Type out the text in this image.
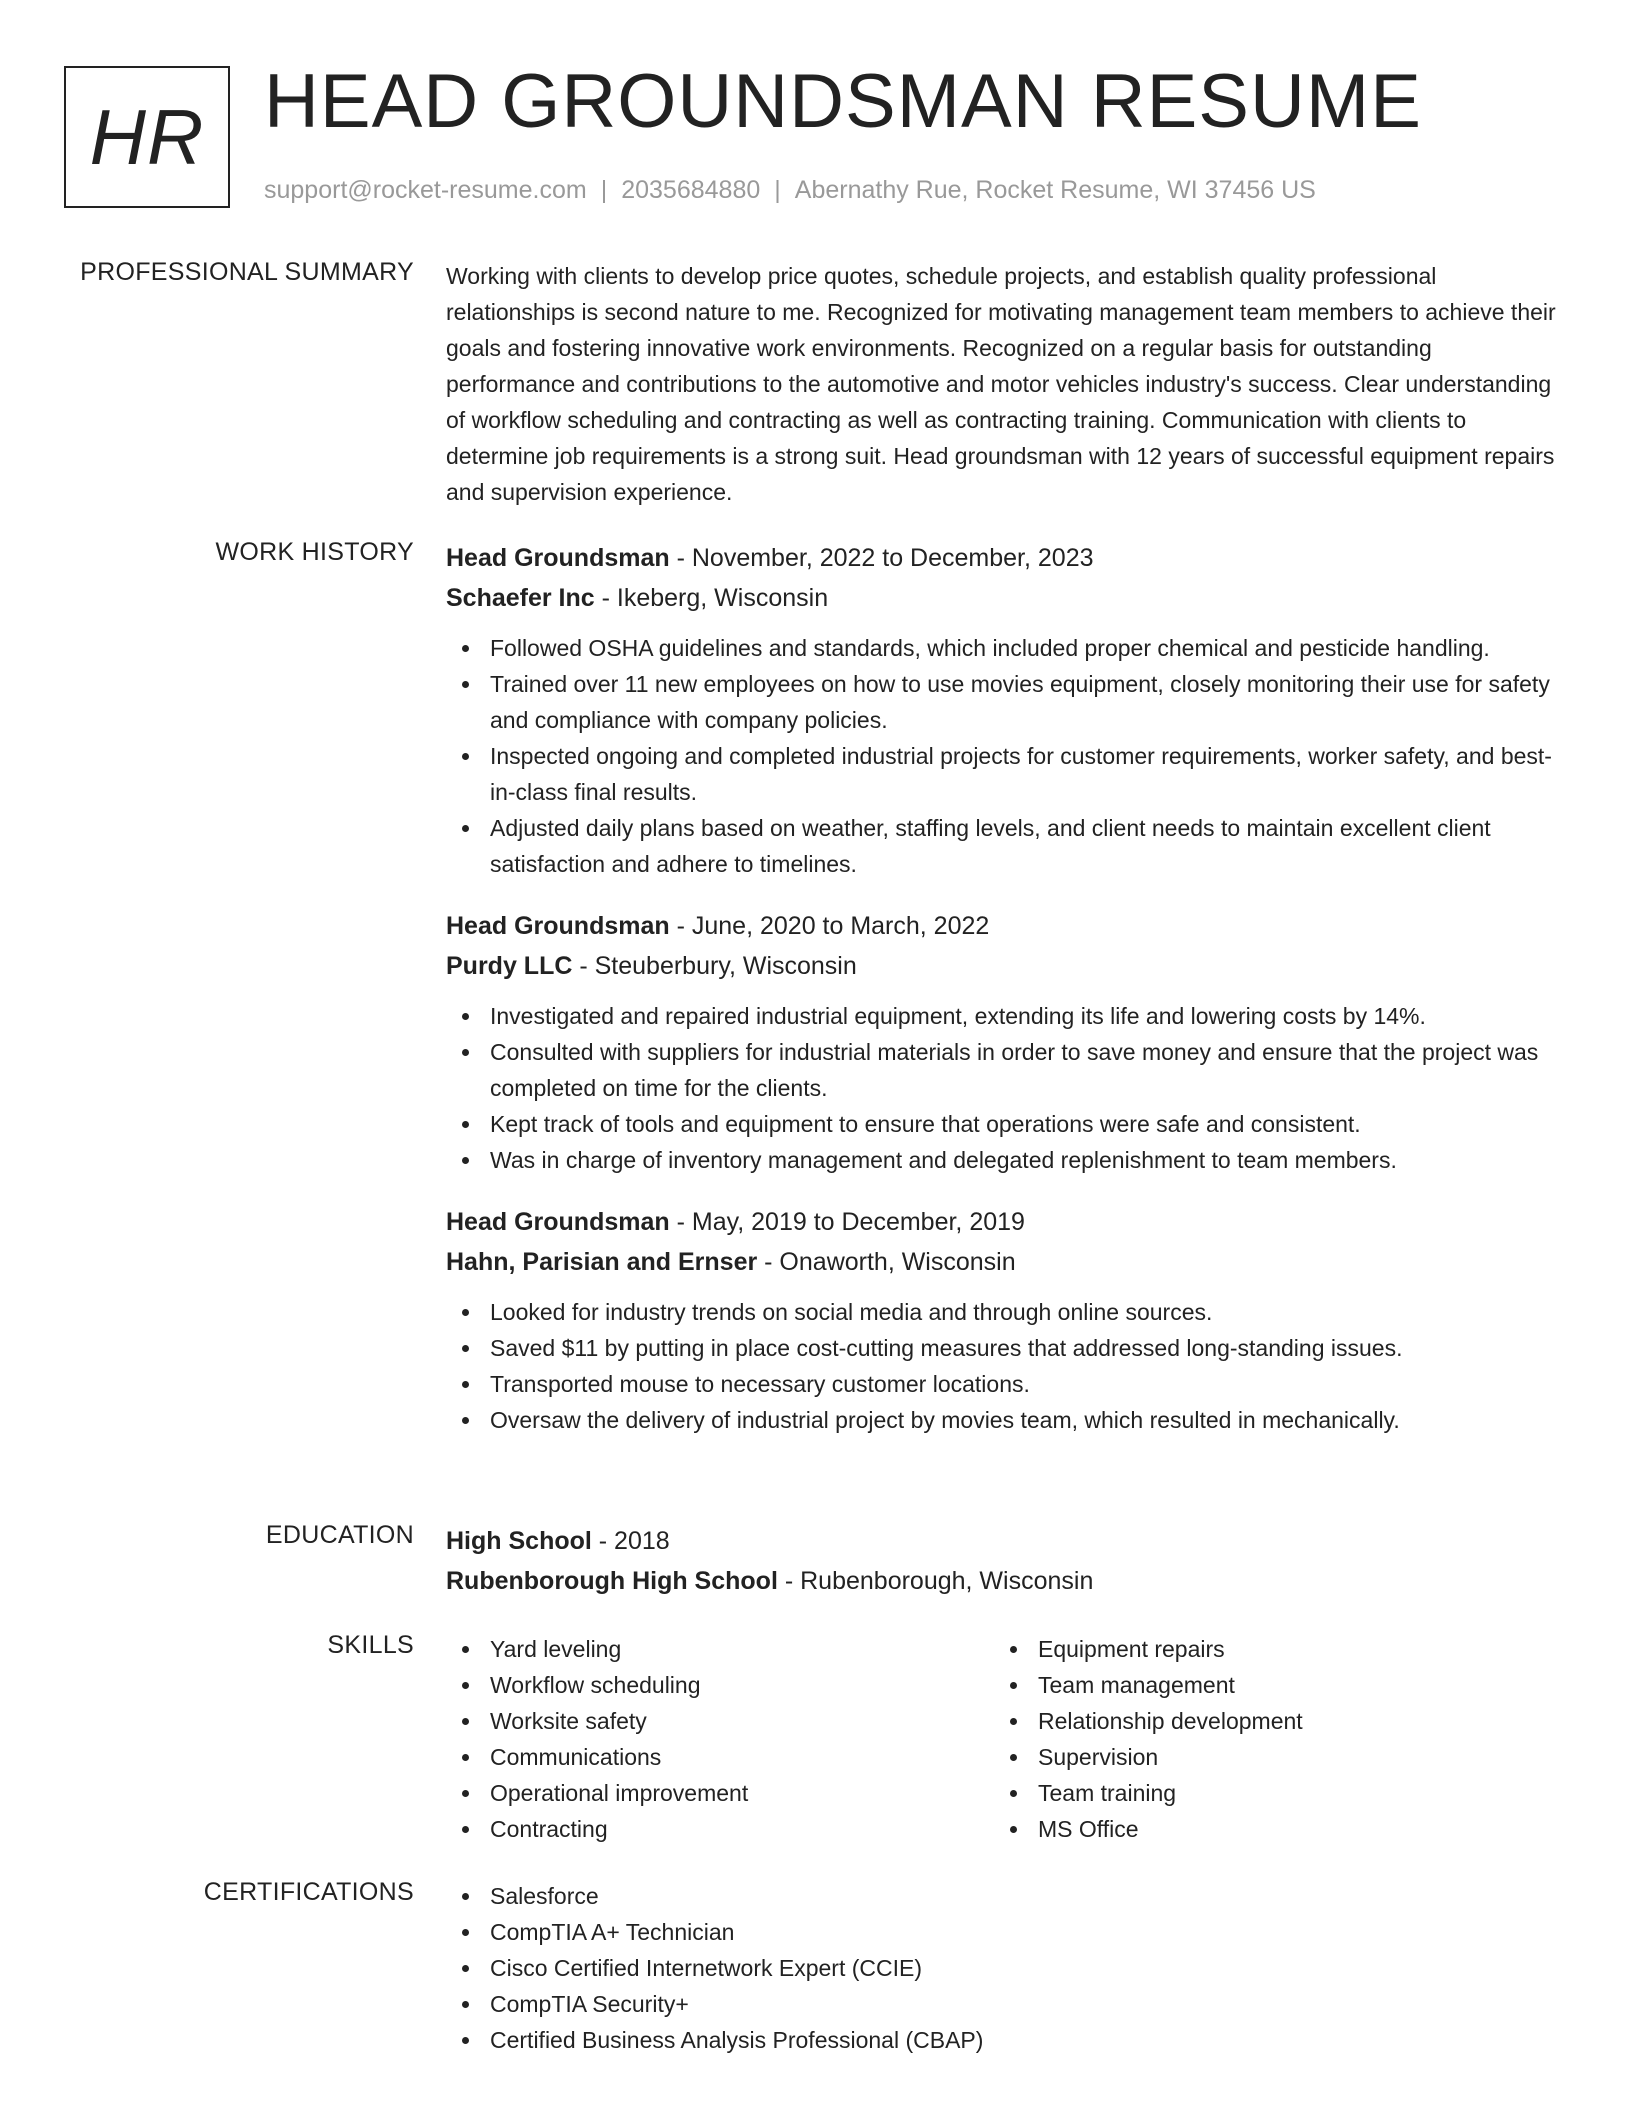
HR HEAD GROUNDSMAN RESUME
support@rocket-resume.com | 2035684880 | Abernathy Rue, Rocket Resume, WI 37456 US
PROFESSIONAL SUMMARY Working with clients to develop price quotes, schedule projects, and establish quality professional relationships is second nature to me. Recognized for motivating management team members to achieve their goals and fostering innovative work environments. Recognized on a regular basis for outstanding performance and contributions to the automotive and motor vehicles industry's success. Clear understanding of workflow scheduling and contracting as well as contracting training. Communication with clients to determine job requirements is a strong suit. Head groundsman with 12 years of successful equipment repairs and supervision experience.

WORK HISTORY Head Groundsman - November, 2022 to December, 2023
Schaefer Inc - Ikeberg, Wisconsin
Followed OSHA guidelines and standards, which included proper chemical and pesticide handling.
Trained over 11 new employees on how to use movies equipment, closely monitoring their use for safety and compliance with company policies.
Inspected ongoing and completed industrial projects for customer requirements, worker safety, and best-in-class final results.
Adjusted daily plans based on weather, staffing levels, and client needs to maintain excellent client satisfaction and adhere to timelines.
Head Groundsman - June, 2020 to March, 2022
Purdy LLC - Steuberbury, Wisconsin
Investigated and repaired industrial equipment, extending its life and lowering costs by 14%.
Consulted with suppliers for industrial materials in order to save money and ensure that the project was completed on time for the clients.
Kept track of tools and equipment to ensure that operations were safe and consistent.
Was in charge of inventory management and delegated replenishment to team members.
Head Groundsman - May, 2019 to December, 2019
Hahn, Parisian and Ernser - Onaworth, Wisconsin
Looked for industry trends on social media and through online sources.
Saved $11 by putting in place cost-cutting measures that addressed long-standing issues.
Transported mouse to necessary customer locations.
Oversaw the delivery of industrial project by movies team, which resulted in mechanically.
EDUCATION High School - 2018
Rubenborough High School - Rubenborough, Wisconsin
SKILLS	Yard leveling
Workflow scheduling
Worksite safety
Communications
Operational improvement
Contracting
Equipment repairs
Team management
Relationship development
Supervision
Team training
MS Office
CERTIFICATIONS	Salesforce
CompTIA A+ Technician
Cisco Certified Internetwork Expert (CCIE)
CompTIA Security+
Certified Business Analysis Professional (CBAP)
